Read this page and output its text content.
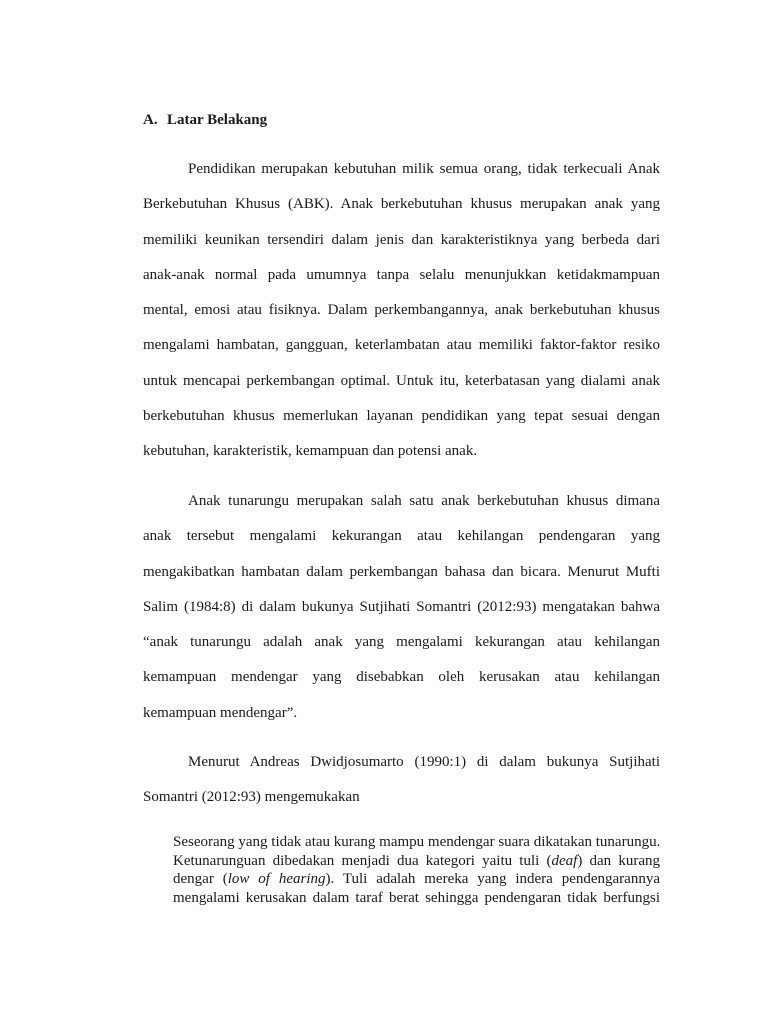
A. Latar Belakang
Pendidikan merupakan kebutuhan milik semua orang, tidak terkecuali Anak
Berkebutuhan Khusus (ABK). Anak berkebutuhan khusus merupakan anak yang
memiliki keunikan tersendiri dalam jenis dan karakteristiknya yang berbeda dari
anak-anak normal pada umumnya tanpa selalu menunjukkan ketidakmampuan
mental, emosi atau fisiknya. Dalam perkembangannya, anak berkebutuhan khusus
mengalami hambatan, gangguan, keterlambatan atau memiliki faktor-faktor resiko
untuk mencapai perkembangan optimal. Untuk itu, keterbatasan yang dialami anak
berkebutuhan khusus memerlukan layanan pendidikan yang tepat sesuai dengan
kebutuhan, karakteristik, kemampuan dan potensi anak.
Anak tunarungu merupakan salah satu anak berkebutuhan khusus dimana
anak tersebut mengalami kekurangan atau kehilangan pendengaran yang
mengakibatkan hambatan dalam perkembangan bahasa dan bicara. Menurut Mufti
Salim (1984:8) di dalam bukunya Sutjihati Somantri (2012:93) mengatakan bahwa
“anak tunarungu adalah anak yang mengalami kekurangan atau kehilangan
kemampuan mendengar yang disebabkan oleh kerusakan atau kehilangan
kemampuan mendengar”.
Menurut Andreas Dwidjosumarto (1990:1) di dalam bukunya Sutjihati
Somantri (2012:93) mengemukakan
Seseorang yang tidak atau kurang mampu mendengar suara dikatakan tunarungu.
Ketunarunguan dibedakan menjadi dua kategori yaitu tuli (deaf) dan kurang
dengar (low of hearing). Tuli adalah mereka yang indera pendengarannya
mengalami kerusakan dalam taraf berat sehingga pendengaran tidak berfungsi
